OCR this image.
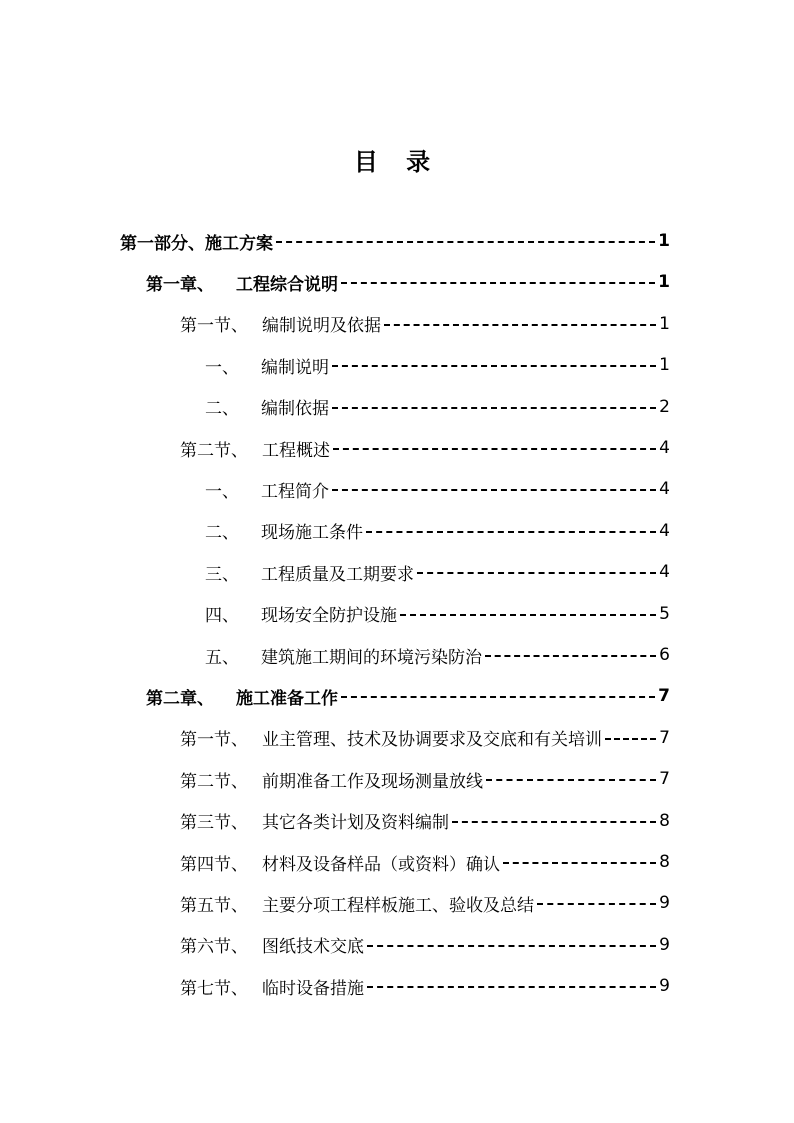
目 录
第一部分、施工方案	1
第一章、	工程综合说明	1
第一节、 编制说明及依据	1
一、	编制说明	1
二、	编制依据	2
第二节、 工程概述	4
一、	工程简介	4
二、	现场施工条件	4
三、	工程质量及工期要求	4
四、	现场安全防护设施	5
五、	建筑施工期间的环境污染防治	6
第二章、	施工准备工作	7
第一节、 业主管理、技术及协调要求及交底和有关培训	7
第二节、 前期准备工作及现场测量放线	7
第三节、 其它各类计划及资料编制	8
第四节、 材料及设备样品（或资料）确认	8
第五节、 主要分项工程样板施工、验收及总结	9
第六节、 图纸技术交底	9
第七节、 临时设备措施	9
